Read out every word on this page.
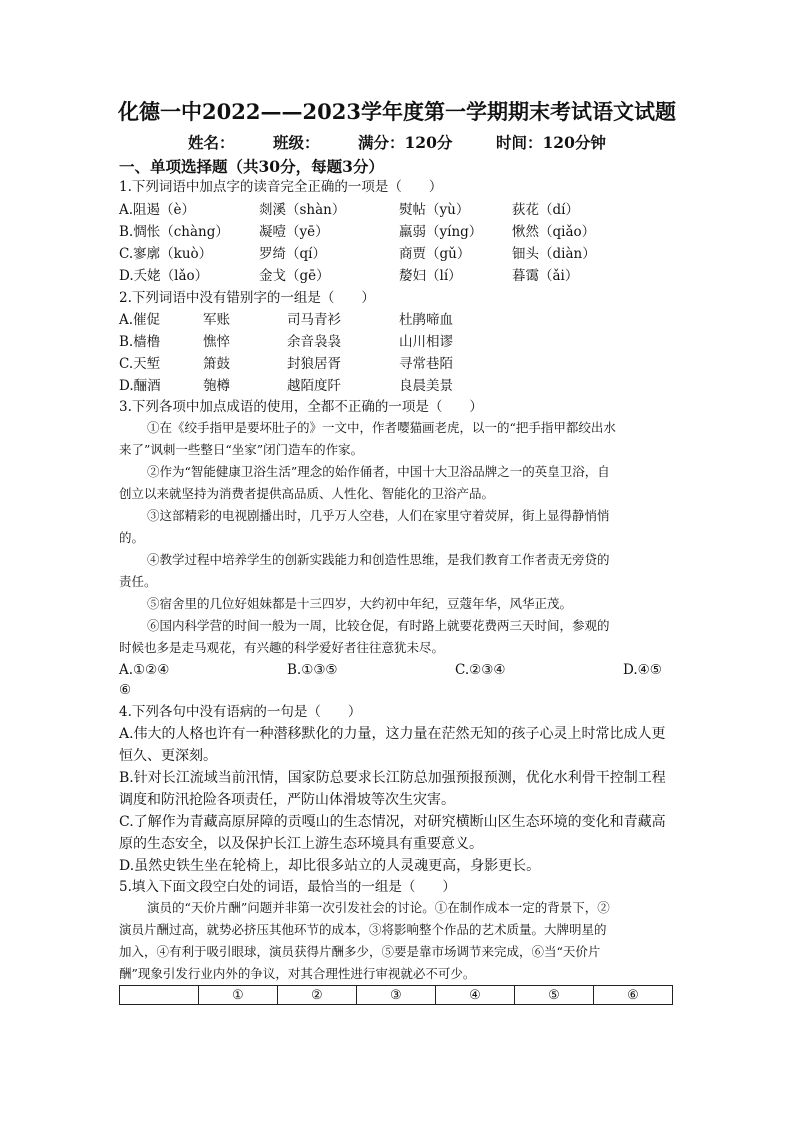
化德一中2022——2023学年度第一学期期末考试语文试题
姓名： 班级： 满分：120分	时间：120分钟
一、单项选择题（共30分，每题3分）
1.下列词语中加点字的读音完全正确的一项是（　　）
A.阻遏（è）	剡溪（shàn）	熨帖（yù）	荻花（dí）
B.惆怅（chàng） 凝噎（yē）	羸弱（yíng） 愀然（qiǎo）
C.寥廓（kuò）	罗绮（qí）	商贾（gǔ）	钿头（diàn）
D.夭姥（lǎo）	金戈（gē）	嫠妇（lí）	暮霭（ǎi）
2.下列词语中没有错别字的一组是（　　）
A.催促	军账	司马青衫	杜鹃啼血
B.樯橹	憔悴	余音袅袅	山川相谬
C.天堑	箫鼓	封狼居胥	寻常巷陌
D.酾酒	匏樽	越陌度阡	良晨美景
3.下列各项中加点成语的使用，全都不正确的一项是（　　）
①在《绞手指甲是要坏肚子的》一文中，作者嘤猫画老虎，以一的“把手指甲都绞出水
来了”讽刺一些整日“坐家”闭门造车的作家。
②作为“智能健康卫浴生活”理念的始作俑者，中国十大卫浴品牌之一的英皇卫浴，自
创立以来就坚持为消费者提供高品质、人性化、智能化的卫浴产品。
③这部精彩的电视剧播出时，几乎万人空巷，人们在家里守着荧屏，街上显得静悄悄
的。
④教学过程中培养学生的创新实践能力和创造性思维，是我们教育工作者责无旁贷的
责任。
⑤宿舍里的几位好姐妹都是十三四岁，大约初中年纪，豆蔻年华，风华正茂。
⑥国内科学营的时间一般为一周，比较仓促，有时路上就要花费两三天时间，参观的
时候也多是走马观花，有兴趣的科学爱好者往往意犹未尽。
A.①②④	B.①③⑤	C.②③④	D.④⑤
⑥
4.下列各句中没有语病的一句是（　　）
A.伟大的人格也许有一种潜移默化的力量，这力量在茫然无知的孩子心灵上时常比成人更
恒久、更深刻。
B.针对长江流域当前汛情，国家防总要求长江防总加强预报预测，优化水利骨干控制工程
调度和防汛抢险各项责任，严防山体滑坡等次生灾害。
C.了解作为青藏高原屏障的贡嘎山的生态情况，对研究横断山区生态环境的变化和青藏高
原的生态安全，以及保护长江上游生态环境具有重要意义。
D.虽然史铁生坐在轮椅上，却比很多站立的人灵魂更高，身影更长。
5.填入下面文段空白处的词语，最恰当的一组是（　　）
演员的“天价片酬”问题并非第一次引发社会的讨论。①在制作成本一定的背景下，②
演员片酬过高，就势必挤压其他环节的成本，③将影响整个作品的艺术质量。大牌明星的
加入，④有利于吸引眼球，演员获得片酬多少，⑤要是靠市场调节来完成，⑥当“天价片
酬”现象引发行业内外的争议，对其合理性进行审视就必不可少。
	①	②	③	④	⑤	⑥
